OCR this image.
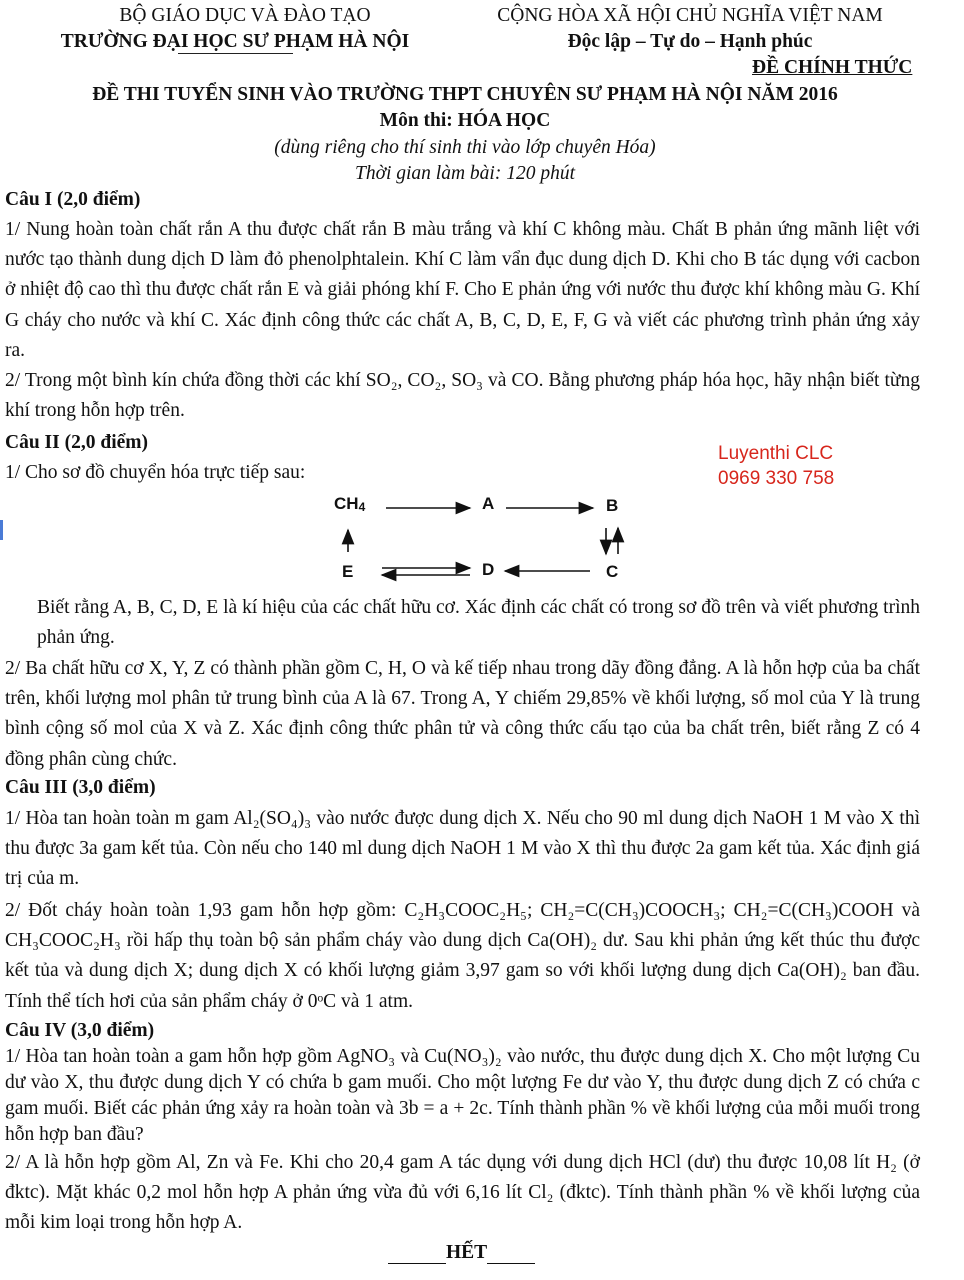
BỘ GIÁO DỤC VÀ ĐÀO TẠO
TRƯỜNG ĐẠI HỌC SƯ PHẠM HÀ NỘI
CỘNG HÒA XÃ HỘI CHỦ NGHĨA VIỆT NAM
Độc lập – Tự do – Hạnh phúc
ĐỀ CHÍNH THỨC
ĐỀ THI TUYỂN SINH VÀO TRƯỜNG THPT CHUYÊN SƯ PHẠM HÀ NỘI NĂM 2016
Môn thi: HÓA HỌC
(dùng riêng cho thí sinh thi vào lớp chuyên Hóa)
Thời gian làm bài: 120 phút
Câu I (2,0 điểm)
1/ Nung hoàn toàn chất rắn A thu được chất rắn B màu trắng và khí C không màu. Chất B phản ứng mãnh liệt với nước tạo thành dung dịch D làm đỏ phenolphtalein. Khí C làm vẩn đục dung dịch D. Khi cho B tác dụng với cacbon ở nhiệt độ cao thì thu được chất rắn E và giải phóng khí F. Cho E phản ứng với nước thu được khí không màu G. Khí G cháy cho nước và khí C. Xác định công thức các chất A, B, C, D, E, F, G và viết các phương trình phản ứng xảy ra.
2/ Trong một bình kín chứa đồng thời các khí SO₂, CO₂, SO₃ và CO. Bằng phương pháp hóa học, hãy nhận biết từng khí trong hỗn hợp trên.
Câu II (2,0 điểm)
1/ Cho sơ đồ chuyển hóa trực tiếp sau:
Luyenthi CLC
0969 330 758
$CH_4$	A	B
C
D
E
Biết rằng A, B, C, D, E là kí hiệu của các chất hữu cơ. Xác định các chất có trong sơ đồ trên và viết phương trình phản ứng.
2/ Ba chất hữu cơ X, Y, Z có thành phần gồm C, H, O và kế tiếp nhau trong dãy đồng đẳng. A là hỗn hợp của ba chất trên, khối lượng mol phân tử trung bình của A là 67. Trong A, Y chiếm 29,85% về khối lượng, số mol của Y là trung bình cộng số mol của X và Z. Xác định công thức phân tử và công thức cấu tạo của ba chất trên, biết rằng Z có 4 đồng phân cùng chức.
Câu III (3,0 điểm)
1/ Hòa tan hoàn toàn m gam Al₂(SO₄)₃ vào nước được dung dịch X. Nếu cho 90 ml dung dịch NaOH 1 M vào X thì thu được 3a gam kết tủa. Còn nếu cho 140 ml dung dịch NaOH 1 M vào X thì thu được 2a gam kết tủa. Xác định giá trị của m.
2/ Đốt cháy hoàn toàn 1,93 gam hỗn hợp gồm: C₂H₃COOC₂H₅; CH₂=C(CH₃)COOCH₃; CH₂=C(CH₃)COOH và CH₃COOC₂H₃ rồi hấp thụ toàn bộ sản phẩm cháy vào dung dịch Ca(OH)₂ dư. Sau khi phản ứng kết thúc thu được kết tủa và dung dịch X; dung dịch X có khối lượng giảm 3,97 gam so với khối lượng dung dịch Ca(OH)₂ ban đầu. Tính thể tích hơi của sản phẩm cháy ở 0ᵒC và 1 atm.
Câu IV (3,0 điểm)
1/ Hòa tan hoàn toàn a gam hỗn hợp gồm AgNO₃ và Cu(NO₃)₂ vào nước, thu được dung dịch X. Cho một lượng Cu dư vào X, thu được dung dịch Y có chứa b gam muối. Cho một lượng Fe dư vào Y, thu được dung dịch Z có chứa c gam muối. Biết các phản ứng xảy ra hoàn toàn và 3b = a + 2c. Tính thành phần % về khối lượng của mỗi muối trong hỗn hợp ban đầu?
2/ A là hỗn hợp gồm Al, Zn và Fe. Khi cho 20,4 gam A tác dụng với dung dịch HCl (dư) thu được 10,08 lít H₂ (ở đktc). Mặt khác 0,2 mol hỗn hợp A phản ứng vừa đủ với 6,16 lít Cl₂ (đktc). Tính thành phần % về khối lượng của mỗi kim loại trong hỗn hợp A.
HẾT
